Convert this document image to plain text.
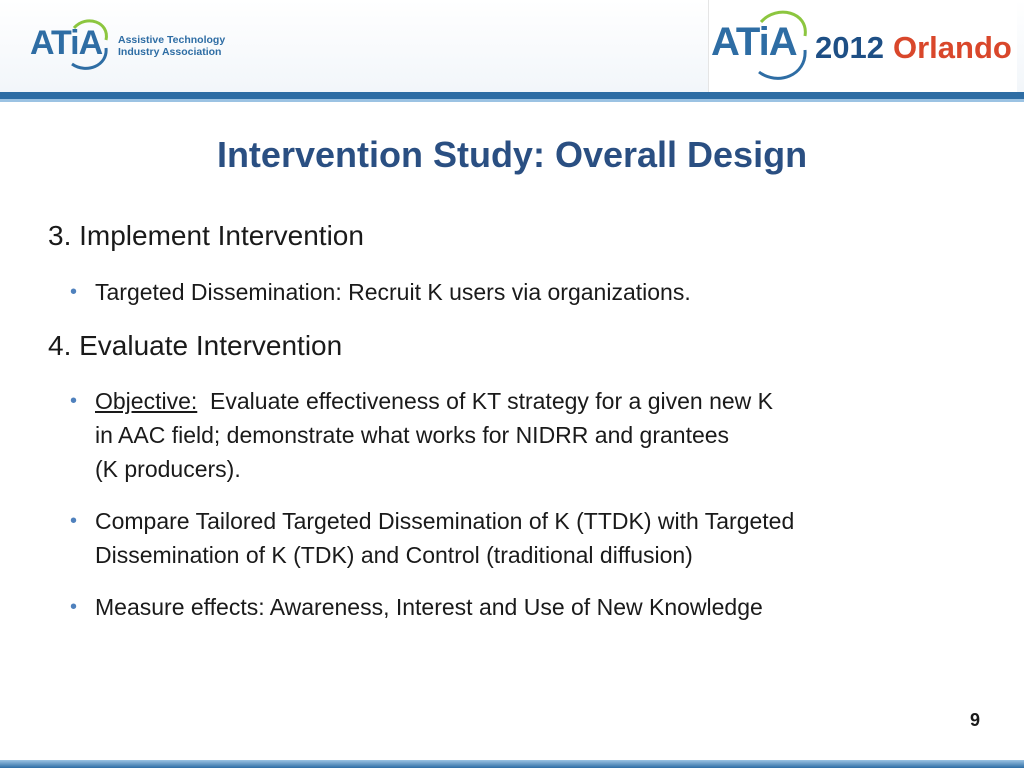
ATiA Assistive Technology
Industry Association	ATiA 2012 Orlando
Intervention Study: Overall Design
3. Implement Intervention
• Targeted Dissemination: Recruit K users via organizations.
4. Evaluate Intervention
• Objective: Evaluate effectiveness of KT strategy for a given new K
in AAC field; demonstrate what works for NIDRR and grantees
(K producers).
• Compare Tailored Targeted Dissemination of K (TTDK) with Targeted
Dissemination of K (TDK) and Control (traditional diffusion)
• Measure effects: Awareness, Interest and Use of New Knowledge
9
